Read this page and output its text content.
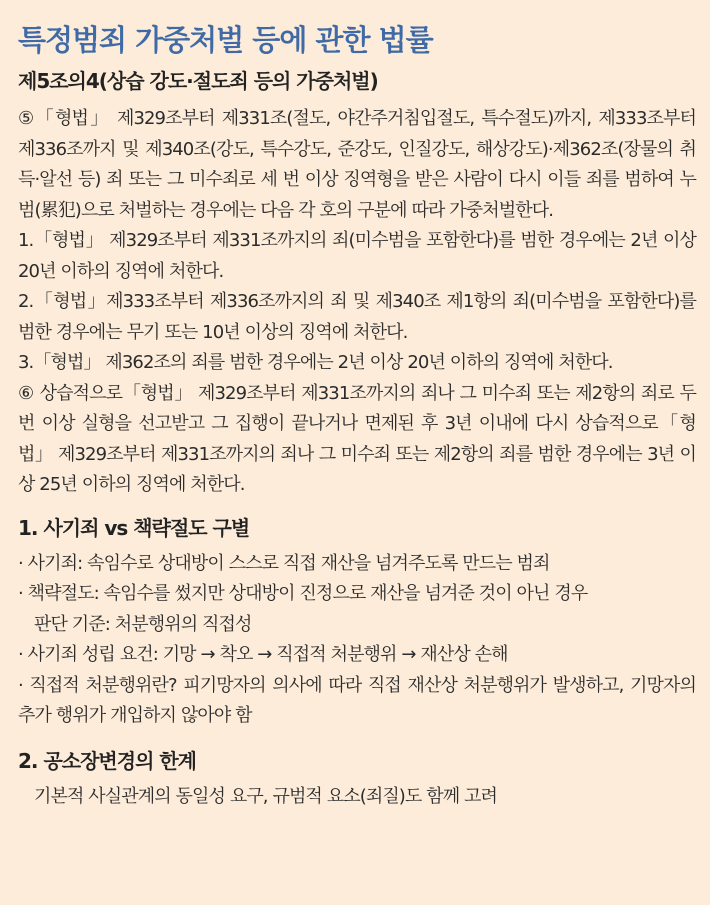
특정범죄 가중처벌 등에 관한 법률
제5조의4(상습 강도·절도죄 등의 가중처벌)

⑤「형법」 제329조부터 제331조(절도, 야간주거침입절도, 특수절도)까지, 제333조부터 제336조까지 및 제340조(강도, 특수강도, 준강도, 인질강도, 해상강도)·제362조(장물의 취득·알선 등) 죄 또는 그 미수죄로 세 번 이상 징역형을 받은 사람이 다시 이들 죄를 범하여 누범(累犯)으로 처벌하는 경우에는 다음 각 호의 구분에 따라 가중처벌한다.

1.「형법」 제329조부터 제331조까지의 죄(미수범을 포함한다)를 범한 경우에는 2년 이상 20년 이하의 징역에 처한다.

2.「형법」제333조부터 제336조까지의 죄 및 제340조 제1항의 죄(미수범을 포함한다)를 범한 경우에는 무기 또는 10년 이상의 징역에 처한다.

3.「형법」 제362조의 죄를 범한 경우에는 2년 이상 20년 이하의 징역에 처한다.

⑥ 상습적으로「형법」 제329조부터 제331조까지의 죄나 그 미수죄 또는 제2항의 죄로 두 번 이상 실형을 선고받고 그 집행이 끝나거나 면제된 후 3년 이내에 다시 상습적으로「형법」 제329조부터 제331조까지의 죄나 그 미수죄 또는 제2항의 죄를 범한 경우에는 3년 이상 25년 이하의 징역에 처한다.

1. 사기죄 vs 책략절도 구별

· 사기죄: 속임수로 상대방이 스스로 직접 재산을 넘겨주도록 만드는 범죄

· 책략절도: 속임수를 썼지만 상대방이 진정으로 재산을 넘겨준 것이 아닌 경우

판단 기준: 처분행위의 직접성

· 사기죄 성립 요건: 기망 → 착오 → 직접적 처분행위 → 재산상 손해

· 직접적 처분행위란? 피기망자의 의사에 따라 직접 재산상 처분행위가 발생하고, 기망자의 추가 행위가 개입하지 않아야 함

2. 공소장변경의 한계

기본적 사실관계의 동일성 요구, 규범적 요소(죄질)도 함께 고려
